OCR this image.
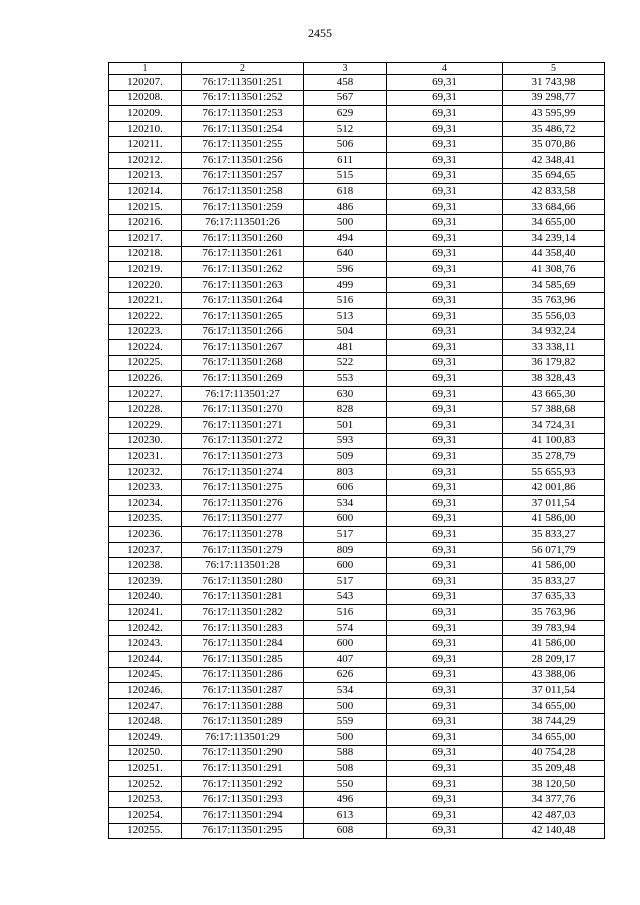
2455
1	2	3	4	5
120207.	76:17:113501:251	458	69,31	31 743,98
120208.	76:17:113501:252	567	69,31	39 298,77
120209.	76:17:113501:253	629	69,31	43 595,99
120210.	76:17:113501:254	512	69,31	35 486,72
120211.	76:17:113501:255	506	69,31	35 070,86
120212.	76:17:113501:256	611	69,31	42 348,41
120213.	76:17:113501:257	515	69,31	35 694,65
120214.	76:17:113501:258	618	69,31	42 833,58
120215.	76:17:113501:259	486	69,31	33 684,66
120216.	76:17:113501:26	500	69,31	34 655,00
120217.	76:17:113501:260	494	69,31	34 239,14
120218.	76:17:113501:261	640	69,31	44 358,40
120219.	76:17:113501:262	596	69,31	41 308,76
120220.	76:17:113501:263	499	69,31	34 585,69
120221.	76:17:113501:264	516	69,31	35 763,96
120222.	76:17:113501:265	513	69,31	35 556,03
120223.	76:17:113501:266	504	69,31	34 932,24
120224.	76:17:113501:267	481	69,31	33 338,11
120225.	76:17:113501:268	522	69,31	36 179,82
120226.	76:17:113501:269	553	69,31	38 328,43
120227.	76:17:113501:27	630	69,31	43 665,30
120228.	76:17:113501:270	828	69,31	57 388,68
120229.	76:17:113501:271	501	69,31	34 724,31
120230.	76:17:113501:272	593	69,31	41 100,83
120231.	76:17:113501:273	509	69,31	35 278,79
120232.	76:17:113501:274	803	69,31	55 655,93
120233.	76:17:113501:275	606	69,31	42 001,86
120234.	76:17:113501:276	534	69,31	37 011,54
120235.	76:17:113501:277	600	69,31	41 586,00
120236.	76:17:113501:278	517	69,31	35 833,27
120237.	76:17:113501:279	809	69,31	56 071,79
120238.	76:17:113501:28	600	69,31	41 586,00
120239.	76:17:113501:280	517	69,31	35 833,27
120240.	76:17:113501:281	543	69,31	37 635,33
120241.	76:17:113501:282	516	69,31	35 763,96
120242.	76:17:113501:283	574	69,31	39 783,94
120243.	76:17:113501:284	600	69,31	41 586,00
120244.	76:17:113501:285	407	69,31	28 209,17
120245.	76:17:113501:286	626	69,31	43 388,06
120246.	76:17:113501:287	534	69,31	37 011,54
120247.	76:17:113501:288	500	69,31	34 655,00
120248.	76:17:113501:289	559	69,31	38 744,29
120249.	76:17:113501:29	500	69,31	34 655,00
120250.	76:17:113501:290	588	69,31	40 754,28
120251.	76:17:113501:291	508	69,31	35 209,48
120252.	76:17:113501:292	550	69,31	38 120,50
120253.	76:17:113501:293	496	69,31	34 377,76
120254.	76:17:113501:294	613	69,31	42 487,03
120255.	76:17:113501:295	608	69,31	42 140,48
